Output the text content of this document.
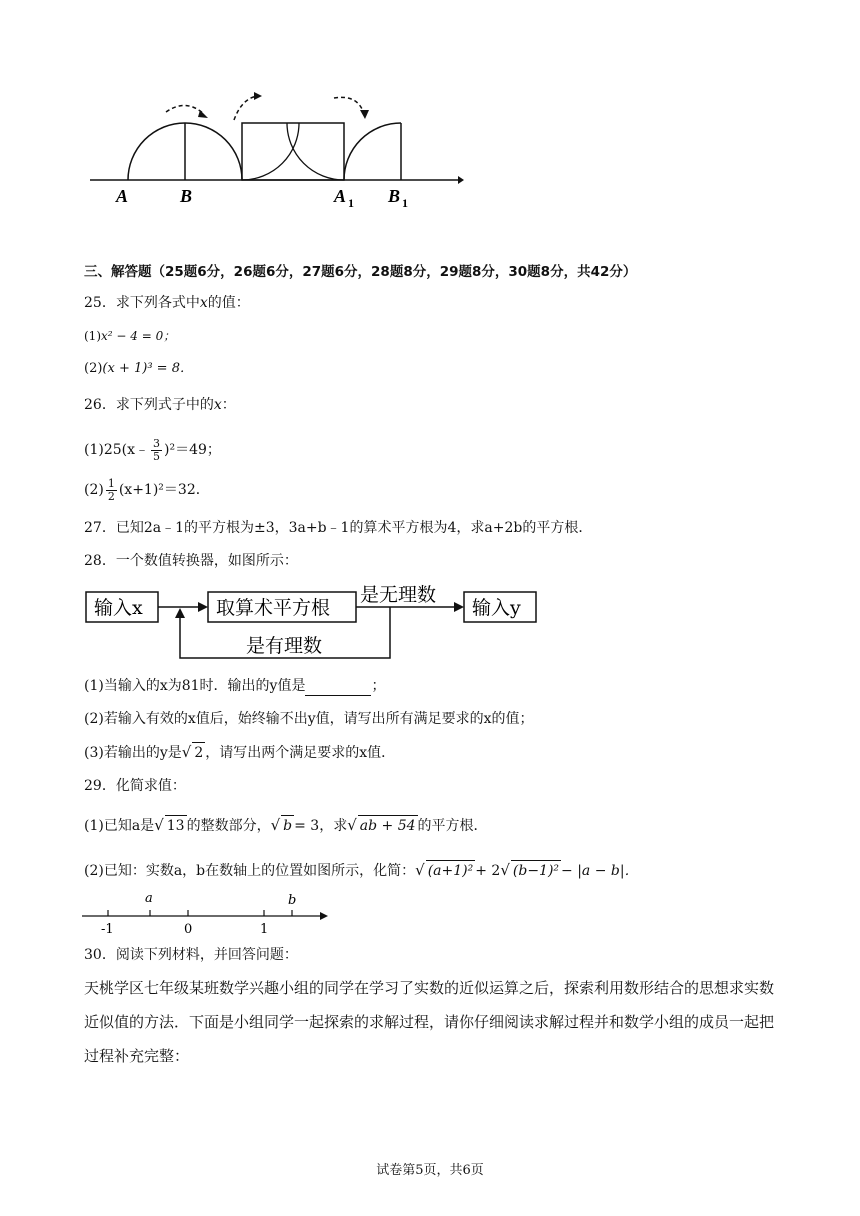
A	B	A 1 B 1
三、解答题（25题6分，26题6分，27题6分，28题8分，29题8分，30题8分，共42分）
25．求下列各式中x的值：
(1)x² − 4 = 0；
(2)(x + 1)³ = 8．
26．求下列式子中的x：
(1)25(x﹣ $\frac{3}{5} )^2=49$；
$(2) \frac{1}{2} (x+1)^2=32$．
27．已知2a﹣1的平方根为±3，3a+b﹣1的算术平方根为4，求a+2b的平方根．
28．一个数值转换器，如图所示：
输入x	取算术平方根
是无理数
输入y
是有理数
(1)当输入的x为81时．输出的y值是	；
(2)若输入有效的x值后，始终输不出y值，请写出所有满足要求的x的值；
(3)若输出的y是√ 2 ，请写出两个满足要求的x值．
29．化简求值：
(1)已知a是√ 13 的整数部分，√ b = 3，求√ ab + 54 的平方根．
(2)已知：实数a，b在数轴上的位置如图所示，化简：√ (a+1)² + 2√ (b−1)² − |a − b|．
a	b
-1	0	1
30．阅读下列材料，并回答问题：
天桃学区七年级某班数学兴趣小组的同学在学习了实数的近似运算之后，探索利用数形结合的思想求实数近似值的方法．下面是小组同学一起探索的求解过程，请你仔细阅读求解过程并和数学小组的成员一起把过程补充完整：
试卷第5页，共6页
